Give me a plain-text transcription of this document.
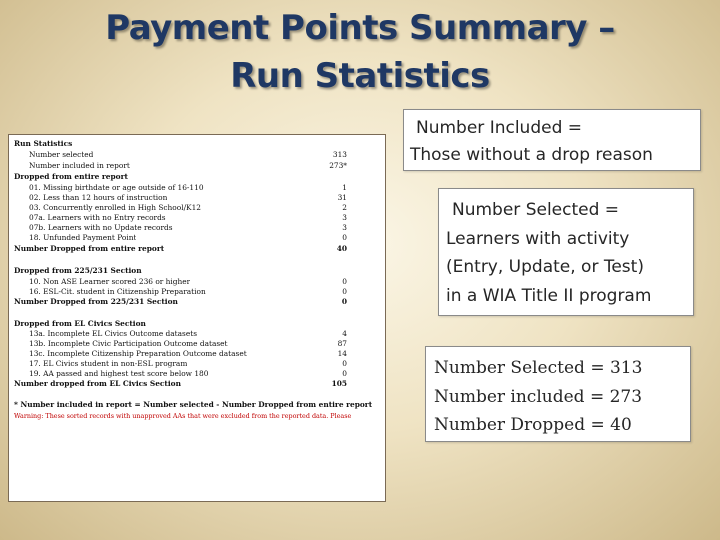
Payment Points Summary –
Run Statistics
Run Statistics
Number selected	313
Number included in report	273*
Dropped from entire report
01. Missing birthdate or age outside of 16-110	1
02. Less than 12 hours of instruction	31
03. Concurrently enrolled in High School/K12	2
07a. Learners with no Entry records	3
07b. Learners with no Update records	3
18. Unfunded Payment Point	0
Number Dropped from entire report	40
Dropped from 225/231 Section
10. Non ASE Learner scored 236 or higher	0
16. ESL-Cit. student in Citizenship Preparation	0
Number Dropped from 225/231 Section	0
Dropped from EL Civics Section
13a. Incomplete EL Civics Outcome datasets	4
13b. Incomplete Civic Participation Outcome dataset	87
13c. Incomplete Citizenship Preparation Outcome dataset	14
17. EL Civics student in non-ESL program	0
19. AA passed and highest test score below 180	0
Number dropped from EL Civics Section	105
* Number included in report = Number selected - Number Dropped from entire report
Warning: These sorted records with unapproved AAs that were excluded from the reported data. Please
Number Included =
Those without a drop reason
Number Selected =
Learners with activity
(Entry, Update, or Test)
in a WIA Title II program
Number Selected = 313
Number included = 273
Number Dropped = 40
